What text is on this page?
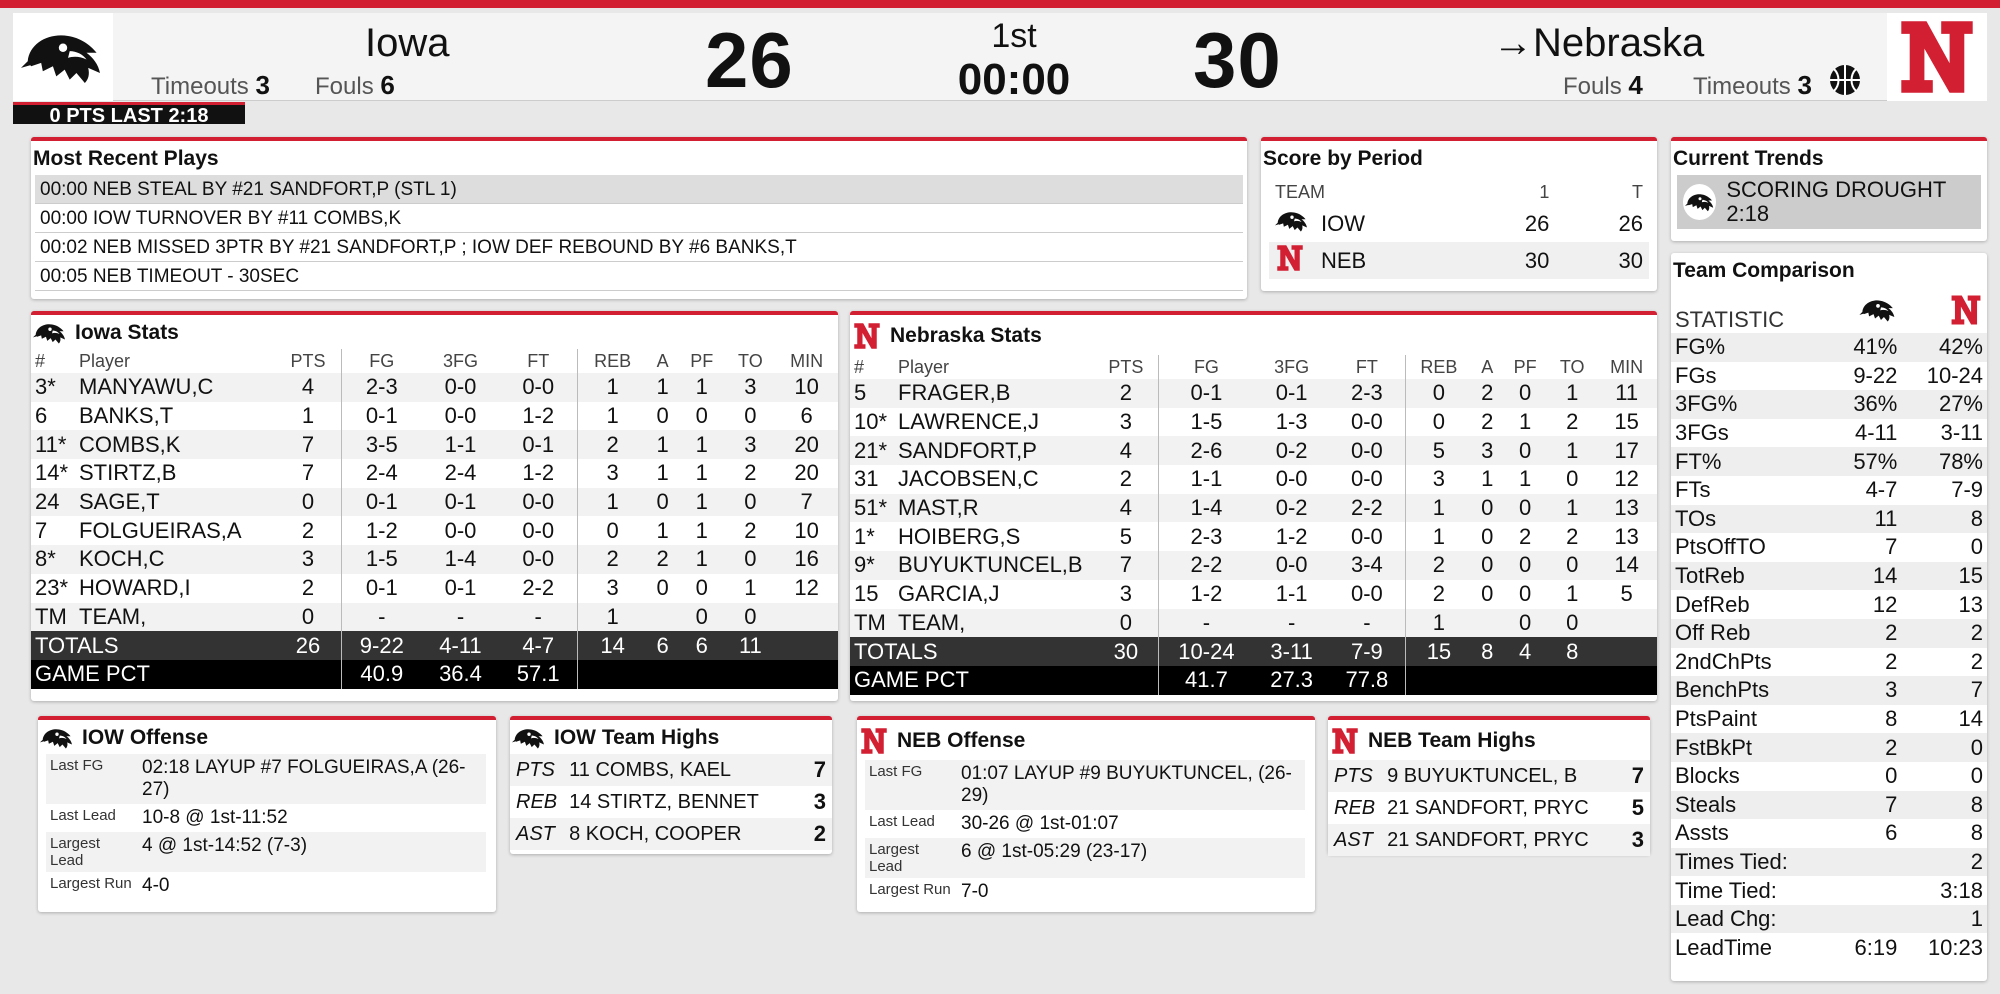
Iowa
Timeouts 3 Fouls 6	26	1st
00:00	30	→Nebraska
Fouls 4 Timeouts 3
0 PTS LAST 2:18
Most Recent Plays
00:00 NEB STEAL BY #21 SANDFORT,P (STL 1)
00:00 IOW TURNOVER BY #11 COMBS,K
00:02 NEB MISSED 3PTR BY #21 SANDFORT,P ; IOW DEF REBOUND BY #6 BANKS,T
00:05 NEB TIMEOUT - 30SEC
Score by Period
TEAM		1	T
	IOW	26	26
	NEB	30	30
Current Trends
SCORING DROUGHT 2:18
Team Comparison
STATISTIC		
FG%	41%	42%
FGs	9-22	10-24
3FG%	36%	27%
3FGs	4-11	3-11
FT%	57%	78%
FTs	4-7	7-9
TOs	11	8
PtsOffTO	7	0
TotReb	14	15
DefReb	12	13
Off Reb	2	2
2ndChPts	2	2
BenchPts	3	7
PtsPaint	8	14
FstBkPt	2	0
Blocks	0	0
Steals	7	8
Assts	6	8
Times Tied:		2
Time Tied:		3:18
Lead Chg:		1
LeadTime	6:19	10:23
Iowa Stats
#	Player	PTS	FG	3FG	FT	REB	A	PF	TO	MIN
3*	MANYAWU,C	4	2-3	0-0	0-0	1	1	1	3	10
6	BANKS,T	1	0-1	0-0	1-2	1	0	0	0	6
11*	COMBS,K	7	3-5	1-1	0-1	2	1	1	3	20
14*	STIRTZ,B	7	2-4	2-4	1-2	3	1	1	2	20
24	SAGE,T	0	0-1	0-1	0-0	1	0	1	0	7
7	FOLGUEIRAS,A	2	1-2	0-0	0-0	0	1	1	2	10
8*	KOCH,C	3	1-5	1-4	0-0	2	2	1	0	16
23*	HOWARD,I	2	0-1	0-1	2-2	3	0	0	1	12
TM	TEAM,	0	-	-	-	1		0	0	
TOTALS		26	9-22	4-11	4-7	14	6	6	11	
GAME PCT			40.9	36.4	57.1					
Nebraska Stats
#	Player	PTS	FG	3FG	FT	REB	A	PF	TO	MIN
5	FRAGER,B	2	0-1	0-1	2-3	0	2	0	1	11
10*	LAWRENCE,J	3	1-5	1-3	0-0	0	2	1	2	15
21*	SANDFORT,P	4	2-6	0-2	0-0	5	3	0	1	17
31	JACOBSEN,C	2	1-1	0-0	0-0	3	1	1	0	12
51*	MAST,R	4	1-4	0-2	2-2	1	0	0	1	13
1*	HOIBERG,S	5	2-3	1-2	0-0	1	0	2	2	13
9*	BUYUKTUNCEL,B	7	2-2	0-0	3-4	2	0	0	0	14
15	GARCIA,J	3	1-2	1-1	0-0	2	0	0	1	5
TM	TEAM,	0	-	-	-	1		0	0	
TOTALS		30	10-24	3-11	7-9	15	8	4	8	
GAME PCT			41.7	27.3	77.8					
IOW Offense
Last FG	02:18 LAYUP #7 FOLGUEIRAS,A (26-27)
Last Lead	10-8 @ 1st-11:52
Largest Lead	4 @ 1st-14:52 (7-3)
Largest Run	4-0
IOW Team Highs
PTS	11 COMBS, KAEL	7
REB	14 STIRTZ, BENNET	3
AST	8 KOCH, COOPER	2
NEB Offense
Last FG	01:07 LAYUP #9 BUYUKTUNCEL, (26-29)
Last Lead	30-26 @ 1st-01:07
Largest Lead	6 @ 1st-05:29 (23-17)
Largest Run	7-0
NEB Team Highs
PTS	9 BUYUKTUNCEL, B	7
REB	21 SANDFORT, PRYC	5
AST	21 SANDFORT, PRYC	3
